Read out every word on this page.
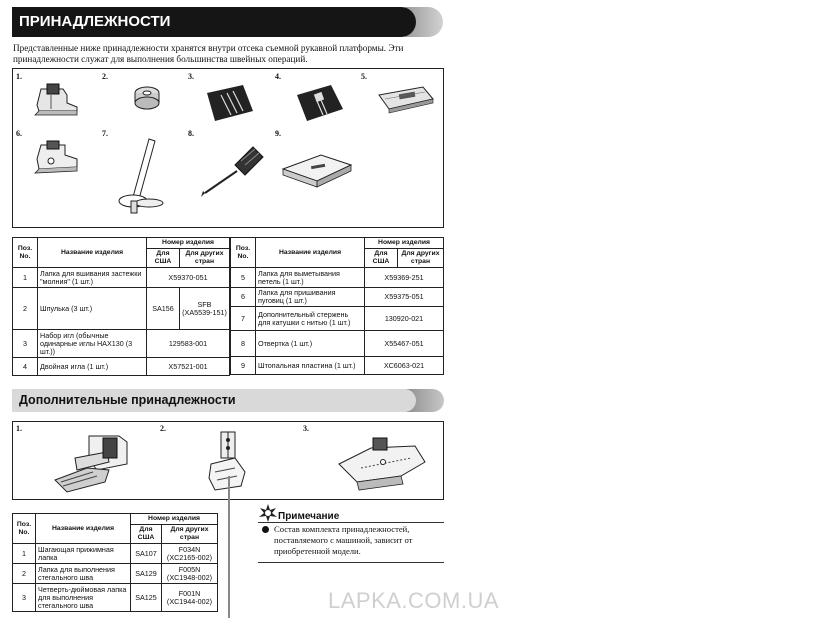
ПРИНАДЛЕЖНОСТИ
Представленные ниже принадлежности хранятся внутри отсека съемной рукавной платформы. Эти принадлежности служат для выполнения большинства швейных операций.
1.	2.	3.	4.	5.
6.	7.	8.	9.
Поз. No.	Название изделия	Номер изделия	
		Для США	Для других стран
1	Лапка для вшивания застежки "молния" (1 шт.)	X59370-051	
2	Шпулька (3 шт.)	SA156	SFB (XA5539-151)
3	Набор игл (обычные одинарные иглы HAX130 (3 шт.))	129583-001	
4	Двойная игла (1 шт.)	X57521-001	
Поз. No.	Название изделия	Номер изделия	
		Для США	Для других стран
5	Лапка для выметывания петель (1 шт.)	X59369-251	
6	Лапка для пришивания пуговиц (1 шт.)	X59375-051	
7	Дополнительный стержень для катушки с нитью (1 шт.)	130920-021	
8	Отвертка (1 шт.)	X55467-051	
9	Штопальная пластина (1 шт.)	XC6063-021	
Дополнительные принадлежности
1.	2.	3.
Поз. No.	Название изделия	Номер изделия	
		Для США	Для других стран
1	Шагающая прижимная лапка	SA107	F034N (XC2165-002)
2	Лапка для выполнения стегального шва	SA129	F005N (XC1948-002)
3	Четверть-дюймовая лапка для выполнения стегального шва	SA125	F001N (XC1944-002)
Примечание
Состав комплекта принадлежностей, поставляемого с машиной, зависит от приобретенной модели.
LAPKA.COM.UA
